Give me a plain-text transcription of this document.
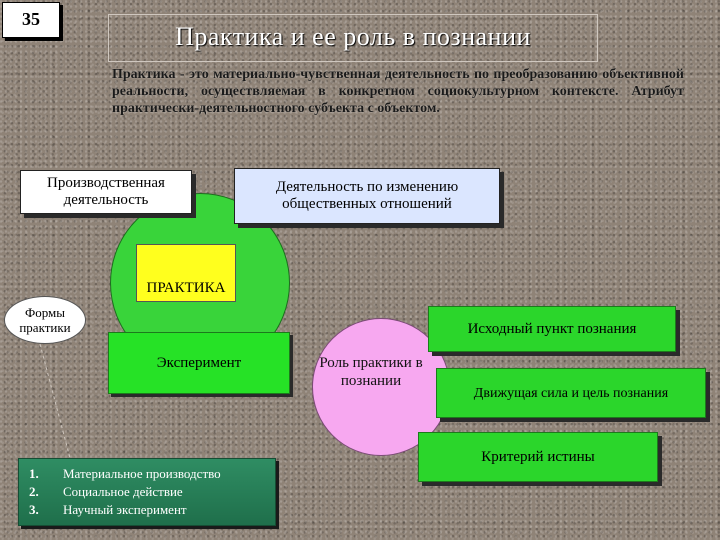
35
Практика и ее роль в познании
Практика - это материально-чувственная деятельность по преобразованию объективной реальности, осуществляемая в конкретном социокультурном контексте. Атрибут практически-деятельностного субъекта с объектом.
Производственная деятельность
Деятельность по изменению общественных отношений
ПРАКТИКА
Формы практики
Эксперимент
1.	Материальное производство
2.	Социальное действие
3.	Научный эксперимент
Роль практики в познании
Исходный пункт познания
Движущая сила и цель познания
Критерий истины
